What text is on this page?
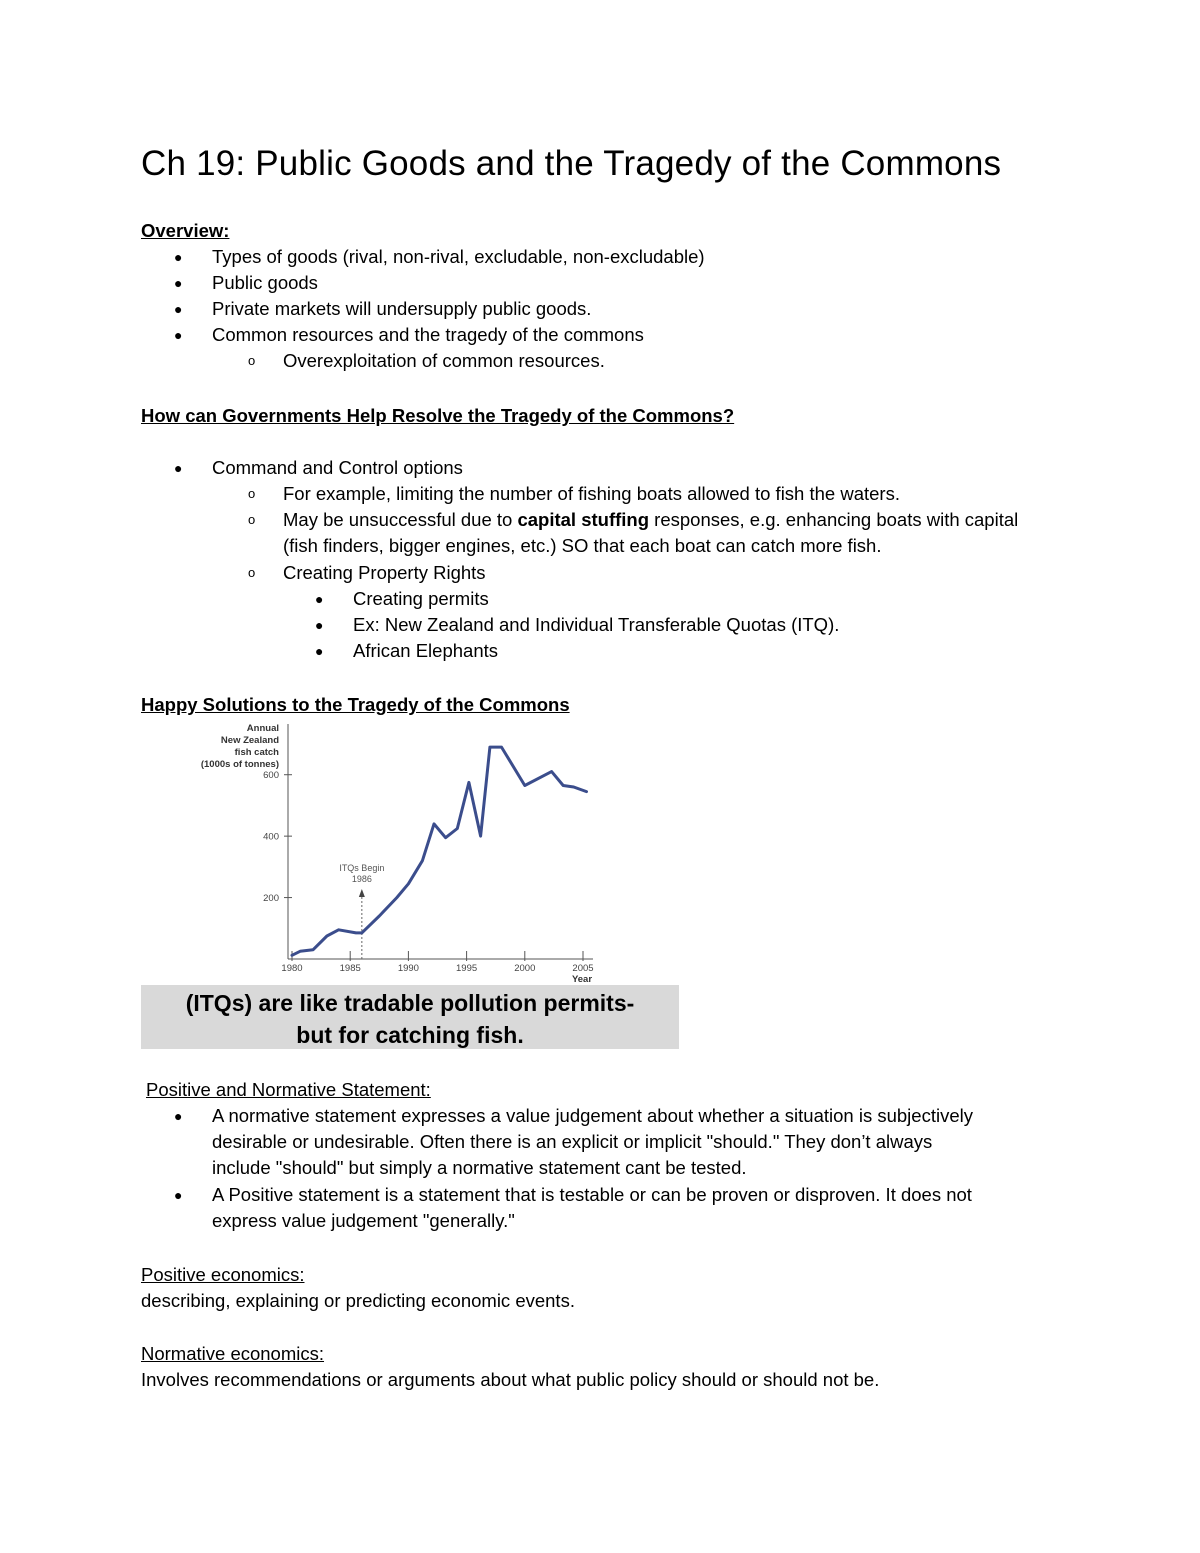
Ch 19: Public Goods and the Tragedy of the Commons
Overview:
●
Types of goods (rival, non-rival, excludable, non-excludable)
●
Public goods
●
Private markets will undersupply public goods.
●
Common resources and the tragedy of the commons
o
Overexploitation of common resources.
How can Governments Help Resolve the Tragedy of the Commons?
●
Command and Control options
o
For example, limiting the number of fishing boats allowed to fish the waters.
o
May be unsuccessful due to capital stuffing responses, e.g. enhancing boats with capital
(fish finders, bigger engines, etc.) SO that each boat can catch more fish.
o
Creating Property Rights
●
Creating permits
●
Ex: New Zealand and Individual Transferable Quotas (ITQ).
●
African Elephants
Happy Solutions to the Tragedy of the Commons
Annual
New Zealand
fish catch
(1000s of tonnes)
200
400
600
1980	1985	1990	1995	2000	2005
Year
ITQs Begin
1986
(ITQs) are like tradable pollution permits-
but for catching fish.
Positive and Normative Statement:
●
A normative statement expresses a value judgement about whether a situation is subjectively
desirable or undesirable. Often there is an explicit or implicit "should." They don’t always
include "should" but simply a normative statement cant be tested.
●
A Positive statement is a statement that is testable or can be proven or disproven. It does not
express value judgement "generally."
Positive economics:
describing, explaining or predicting economic events.
Normative economics:
Involves recommendations or arguments about what public policy should or should not be.
